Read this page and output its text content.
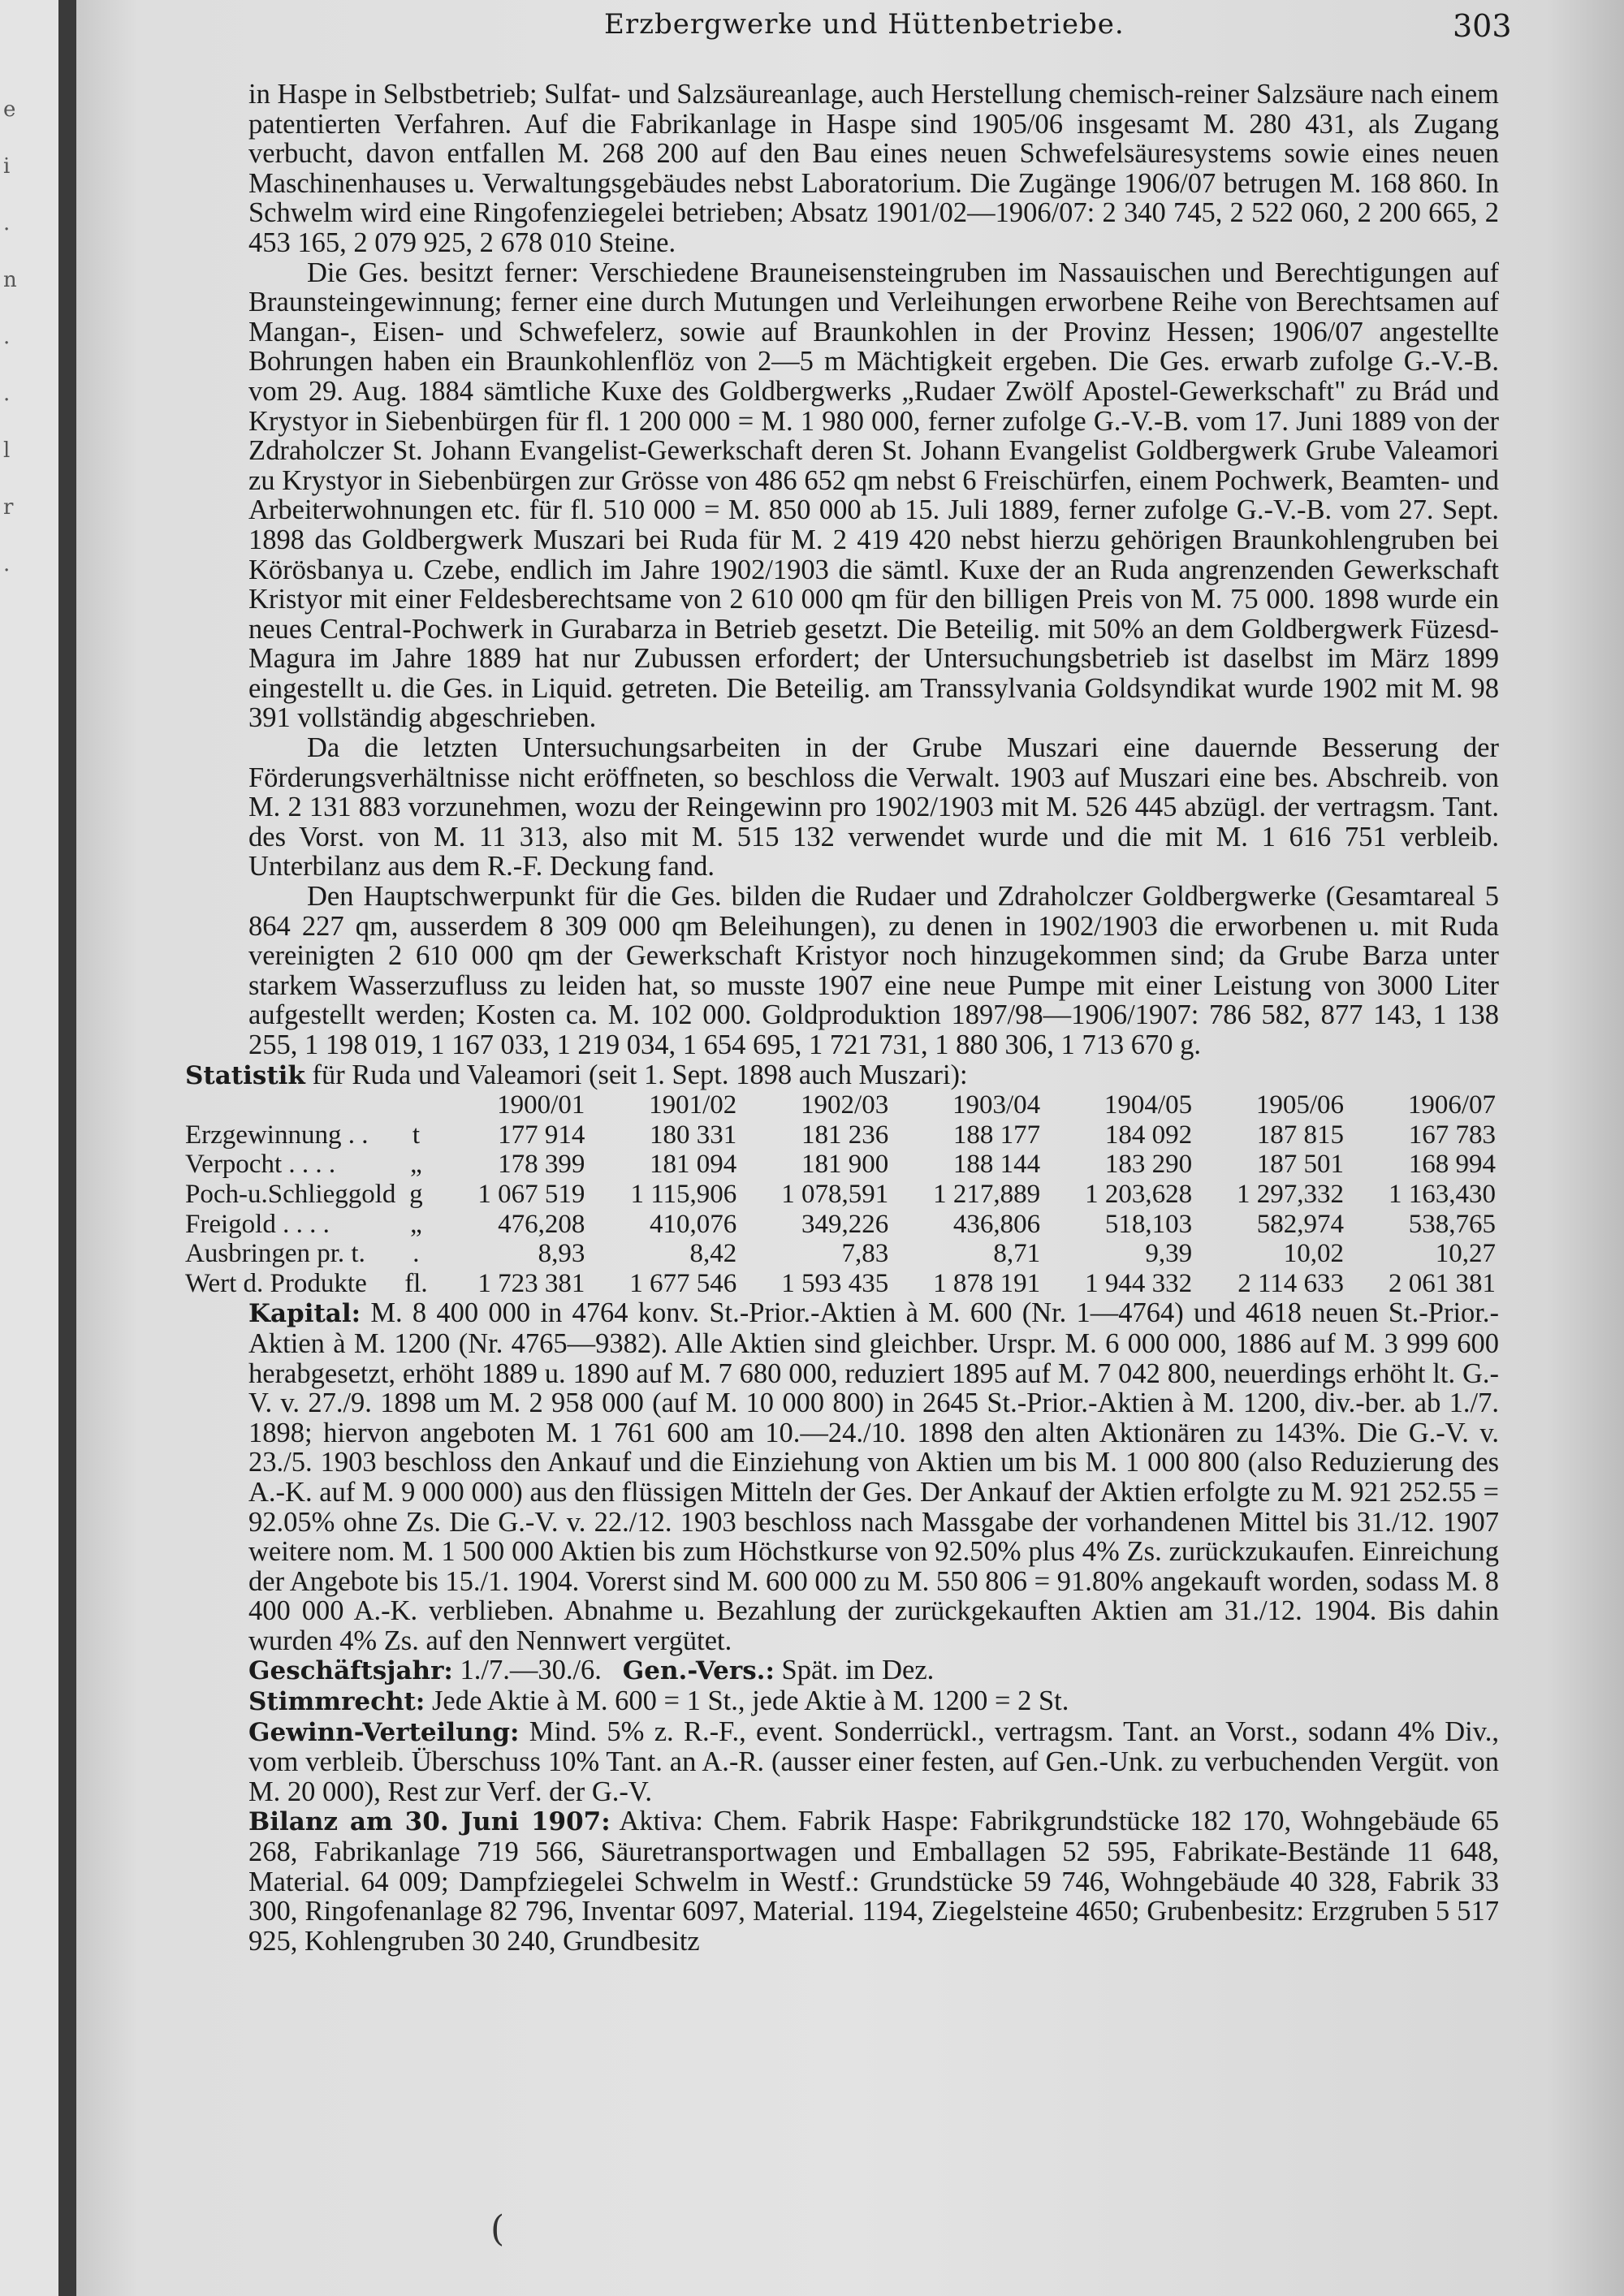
e
i
.
n
.
.
l
r
.
Erzbergwerke und Hüttenbetriebe.	303

in Haspe in Selbstbetrieb; Sulfat- und Salzsäureanlage, auch Herstellung chemisch-reiner Salzsäure nach einem patentierten Verfahren. Auf die Fabrikanlage in Haspe sind 1905/06 insgesamt M. 280 431, als Zugang verbucht, davon entfallen M. 268 200 auf den Bau eines neuen Schwefelsäuresystems sowie eines neuen Maschinenhauses u. Verwaltungsgebäudes nebst Laboratorium. Die Zugänge 1906/07 betrugen M. 168 860. In Schwelm wird eine Ringofenziegelei betrieben; Absatz 1901/02—1906/07: 2 340 745, 2 522 060, 2 200 665, 2 453 165, 2 079 925, 2 678 010 Steine.

Die Ges. besitzt ferner: Verschiedene Brauneisensteingruben im Nassauischen und Berechtigungen auf Braunsteingewinnung; ferner eine durch Mutungen und Verleihungen erworbene Reihe von Berechtsamen auf Mangan-, Eisen- und Schwefelerz, sowie auf Braunkohlen in der Provinz Hessen; 1906/07 angestellte Bohrungen haben ein Braunkohlenflöz von 2—5 m Mächtigkeit ergeben. Die Ges. erwarb zufolge G.-V.-B. vom 29. Aug. 1884 sämtliche Kuxe des Goldbergwerks „Rudaer Zwölf Apostel-Gewerkschaft" zu Brád und Krystyor in Siebenbürgen für fl. 1 200 000 = M. 1 980 000, ferner zufolge G.-V.-B. vom 17. Juni 1889 von der Zdraholczer St. Johann Evangelist-Gewerkschaft deren St. Johann Evangelist Goldbergwerk Grube Valeamori zu Krystyor in Siebenbürgen zur Grösse von 486 652 qm nebst 6 Freischürfen, einem Pochwerk, Beamten- und Arbeiterwohnungen etc. für fl. 510 000 = M. 850 000 ab 15. Juli 1889, ferner zufolge G.-V.-B. vom 27. Sept. 1898 das Goldbergwerk Muszari bei Ruda für M. 2 419 420 nebst hierzu gehörigen Braunkohlengruben bei Körösbanya u. Czebe, endlich im Jahre 1902/1903 die sämtl. Kuxe der an Ruda angrenzenden Gewerkschaft Kristyor mit einer Feldesberechtsame von 2 610 000 qm für den billigen Preis von M. 75 000. 1898 wurde ein neues Central-Pochwerk in Gurabarza in Betrieb gesetzt. Die Beteilig. mit 50% an dem Goldbergwerk Füzesd-Magura im Jahre 1889 hat nur Zubussen erfordert; der Untersuchungsbetrieb ist daselbst im März 1899 eingestellt u. die Ges. in Liquid. getreten. Die Beteilig. am Transsylvania Goldsyndikat wurde 1902 mit M. 98 391 vollständig abgeschrieben.

Da die letzten Untersuchungsarbeiten in der Grube Muszari eine dauernde Besserung der Förderungsverhältnisse nicht eröffneten, so beschloss die Verwalt. 1903 auf Muszari eine bes. Abschreib. von M. 2 131 883 vorzunehmen, wozu der Reingewinn pro 1902/1903 mit M. 526 445 abzügl. der vertragsm. Tant. des Vorst. von M. 11 313, also mit M. 515 132 verwendet wurde und die mit M. 1 616 751 verbleib. Unterbilanz aus dem R.-F. Deckung fand.

Den Hauptschwerpunkt für die Ges. bilden die Rudaer und Zdraholczer Goldbergwerke (Gesamtareal 5 864 227 qm, ausserdem 8 309 000 qm Beleihungen), zu denen in 1902/1903 die erworbenen u. mit Ruda vereinigten 2 610 000 qm der Gewerkschaft Kristyor noch hinzugekommen sind; da Grube Barza unter starkem Wasserzufluss zu leiden hat, so musste 1907 eine neue Pumpe mit einer Leistung von 3000 Liter aufgestellt werden; Kosten ca. M. 102 000. Goldproduktion 1897/98—1906/1907: 786 582, 877 143, 1 138 255, 1 198 019, 1 167 033, 1 219 034, 1 654 695, 1 721 731, 1 880 306, 1 713 670 g.

Statistik für Ruda und Valeamori (seit 1. Sept. 1898 auch Muszari):

		1900/01	1901/02	1902/03	1903/04	1904/05	1905/06	1906/07
Erzgewinnung . .	t	177 914	180 331	181 236	188 177	184 092	187 815	167 783
Verpocht . . . .	„	178 399	181 094	181 900	188 144	183 290	187 501	168 994
Poch-u.Schlieggold	g	1 067 519	1 115,906	1 078,591	1 217,889	1 203,628	1 297,332	1 163,430
Freigold . . . .	„	476,208	410,076	349,226	436,806	518,103	582,974	538,765
Ausbringen pr. t.	.	8,93	8,42	7,83	8,71	9,39	10,02	10,27
Wert d. Produkte	fl.	1 723 381	1 677 546	1 593 435	1 878 191	1 944 332	2 114 633	2 061 381

Kapital: M. 8 400 000 in 4764 konv. St.-Prior.-Aktien à M. 600 (Nr. 1—4764) und 4618 neuen St.-Prior.-Aktien à M. 1200 (Nr. 4765—9382). Alle Aktien sind gleichber. Urspr. M. 6 000 000, 1886 auf M. 3 999 600 herabgesetzt, erhöht 1889 u. 1890 auf M. 7 680 000, reduziert 1895 auf M. 7 042 800, neuerdings erhöht lt. G.-V. v. 27./9. 1898 um M. 2 958 000 (auf M. 10 000 800) in 2645 St.-Prior.-Aktien à M. 1200, div.-ber. ab 1./7. 1898; hiervon angeboten M. 1 761 600 am 10.—24./10. 1898 den alten Aktionären zu 143%. Die G.-V. v. 23./5. 1903 beschloss den Ankauf und die Einziehung von Aktien um bis M. 1 000 800 (also Reduzierung des A.-K. auf M. 9 000 000) aus den flüssigen Mitteln der Ges. Der Ankauf der Aktien erfolgte zu M. 921 252.55 = 92.05% ohne Zs. Die G.-V. v. 22./12. 1903 beschloss nach Massgabe der vorhandenen Mittel bis 31./12. 1907 weitere nom. M. 1 500 000 Aktien bis zum Höchstkurse von 92.50% plus 4% Zs. zurückzukaufen. Einreichung der Angebote bis 15./1. 1904. Vorerst sind M. 600 000 zu M. 550 806 = 91.80% angekauft worden, sodass M. 8 400 000 A.-K. verblieben. Abnahme u. Bezahlung der zurückgekauften Aktien am 31./12. 1904. Bis dahin wurden 4% Zs. auf den Nennwert vergütet.

Geschäftsjahr: 1./7.—30./6. Gen.-Vers.: Spät. im Dez.

Stimmrecht: Jede Aktie à M. 600 = 1 St., jede Aktie à M. 1200 = 2 St.

Gewinn-Verteilung: Mind. 5% z. R.-F., event. Sonderrückl., vertragsm. Tant. an Vorst., sodann 4% Div., vom verbleib. Überschuss 10% Tant. an A.-R. (ausser einer festen, auf Gen.-Unk. zu verbuchenden Vergüt. von M. 20 000), Rest zur Verf. der G.-V.

Bilanz am 30. Juni 1907: Aktiva: Chem. Fabrik Haspe: Fabrikgrundstücke 182 170, Wohngebäude 65 268, Fabrikanlage 719 566, Säuretransportwagen und Emballagen 52 595, Fabrikate-Bestände 11 648, Material. 64 009; Dampfziegelei Schwelm in Westf.: Grundstücke 59 746, Wohngebäude 40 328, Fabrik 33 300, Ringofenanlage 82 796, Inventar 6097, Material. 1194, Ziegelsteine 4650; Grubenbesitz: Erzgruben 5 517 925, Kohlengruben 30 240, Grundbesitz

(
